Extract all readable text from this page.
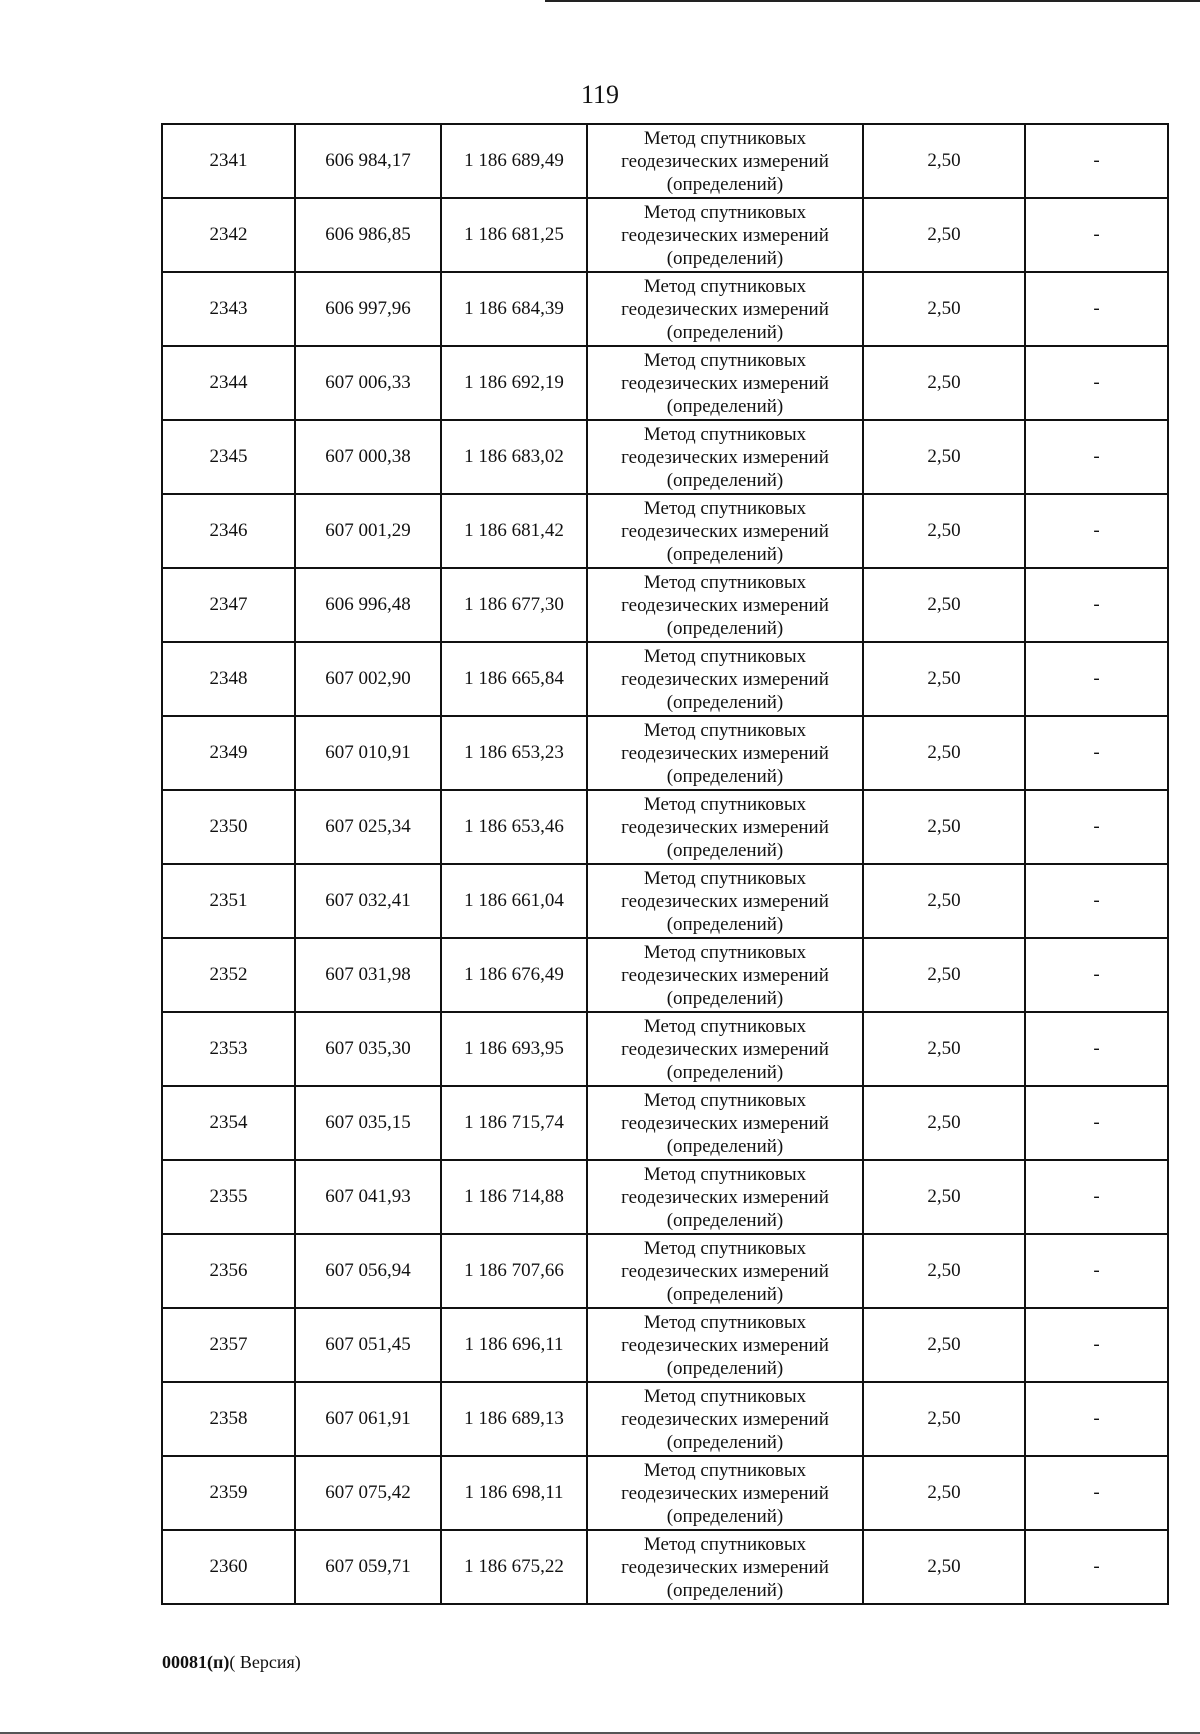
119
2341	606 984,17	1 186 689,49	Метод спутниковых
геодезических измерений
(определений)	2,50	-
2342	606 986,85	1 186 681,25	Метод спутниковых
геодезических измерений
(определений)	2,50	-
2343	606 997,96	1 186 684,39	Метод спутниковых
геодезических измерений
(определений)	2,50	-
2344	607 006,33	1 186 692,19	Метод спутниковых
геодезических измерений
(определений)	2,50	-
2345	607 000,38	1 186 683,02	Метод спутниковых
геодезических измерений
(определений)	2,50	-
2346	607 001,29	1 186 681,42	Метод спутниковых
геодезических измерений
(определений)	2,50	-
2347	606 996,48	1 186 677,30	Метод спутниковых
геодезических измерений
(определений)	2,50	-
2348	607 002,90	1 186 665,84	Метод спутниковых
геодезических измерений
(определений)	2,50	-
2349	607 010,91	1 186 653,23	Метод спутниковых
геодезических измерений
(определений)	2,50	-
2350	607 025,34	1 186 653,46	Метод спутниковых
геодезических измерений
(определений)	2,50	-
2351	607 032,41	1 186 661,04	Метод спутниковых
геодезических измерений
(определений)	2,50	-
2352	607 031,98	1 186 676,49	Метод спутниковых
геодезических измерений
(определений)	2,50	-
2353	607 035,30	1 186 693,95	Метод спутниковых
геодезических измерений
(определений)	2,50	-
2354	607 035,15	1 186 715,74	Метод спутниковых
геодезических измерений
(определений)	2,50	-
2355	607 041,93	1 186 714,88	Метод спутниковых
геодезических измерений
(определений)	2,50	-
2356	607 056,94	1 186 707,66	Метод спутниковых
геодезических измерений
(определений)	2,50	-
2357	607 051,45	1 186 696,11	Метод спутниковых
геодезических измерений
(определений)	2,50	-
2358	607 061,91	1 186 689,13	Метод спутниковых
геодезических измерений
(определений)	2,50	-
2359	607 075,42	1 186 698,11	Метод спутниковых
геодезических измерений
(определений)	2,50	-
2360	607 059,71	1 186 675,22	Метод спутниковых
геодезических измерений
(определений)	2,50	-
00081(п)( Версия)
